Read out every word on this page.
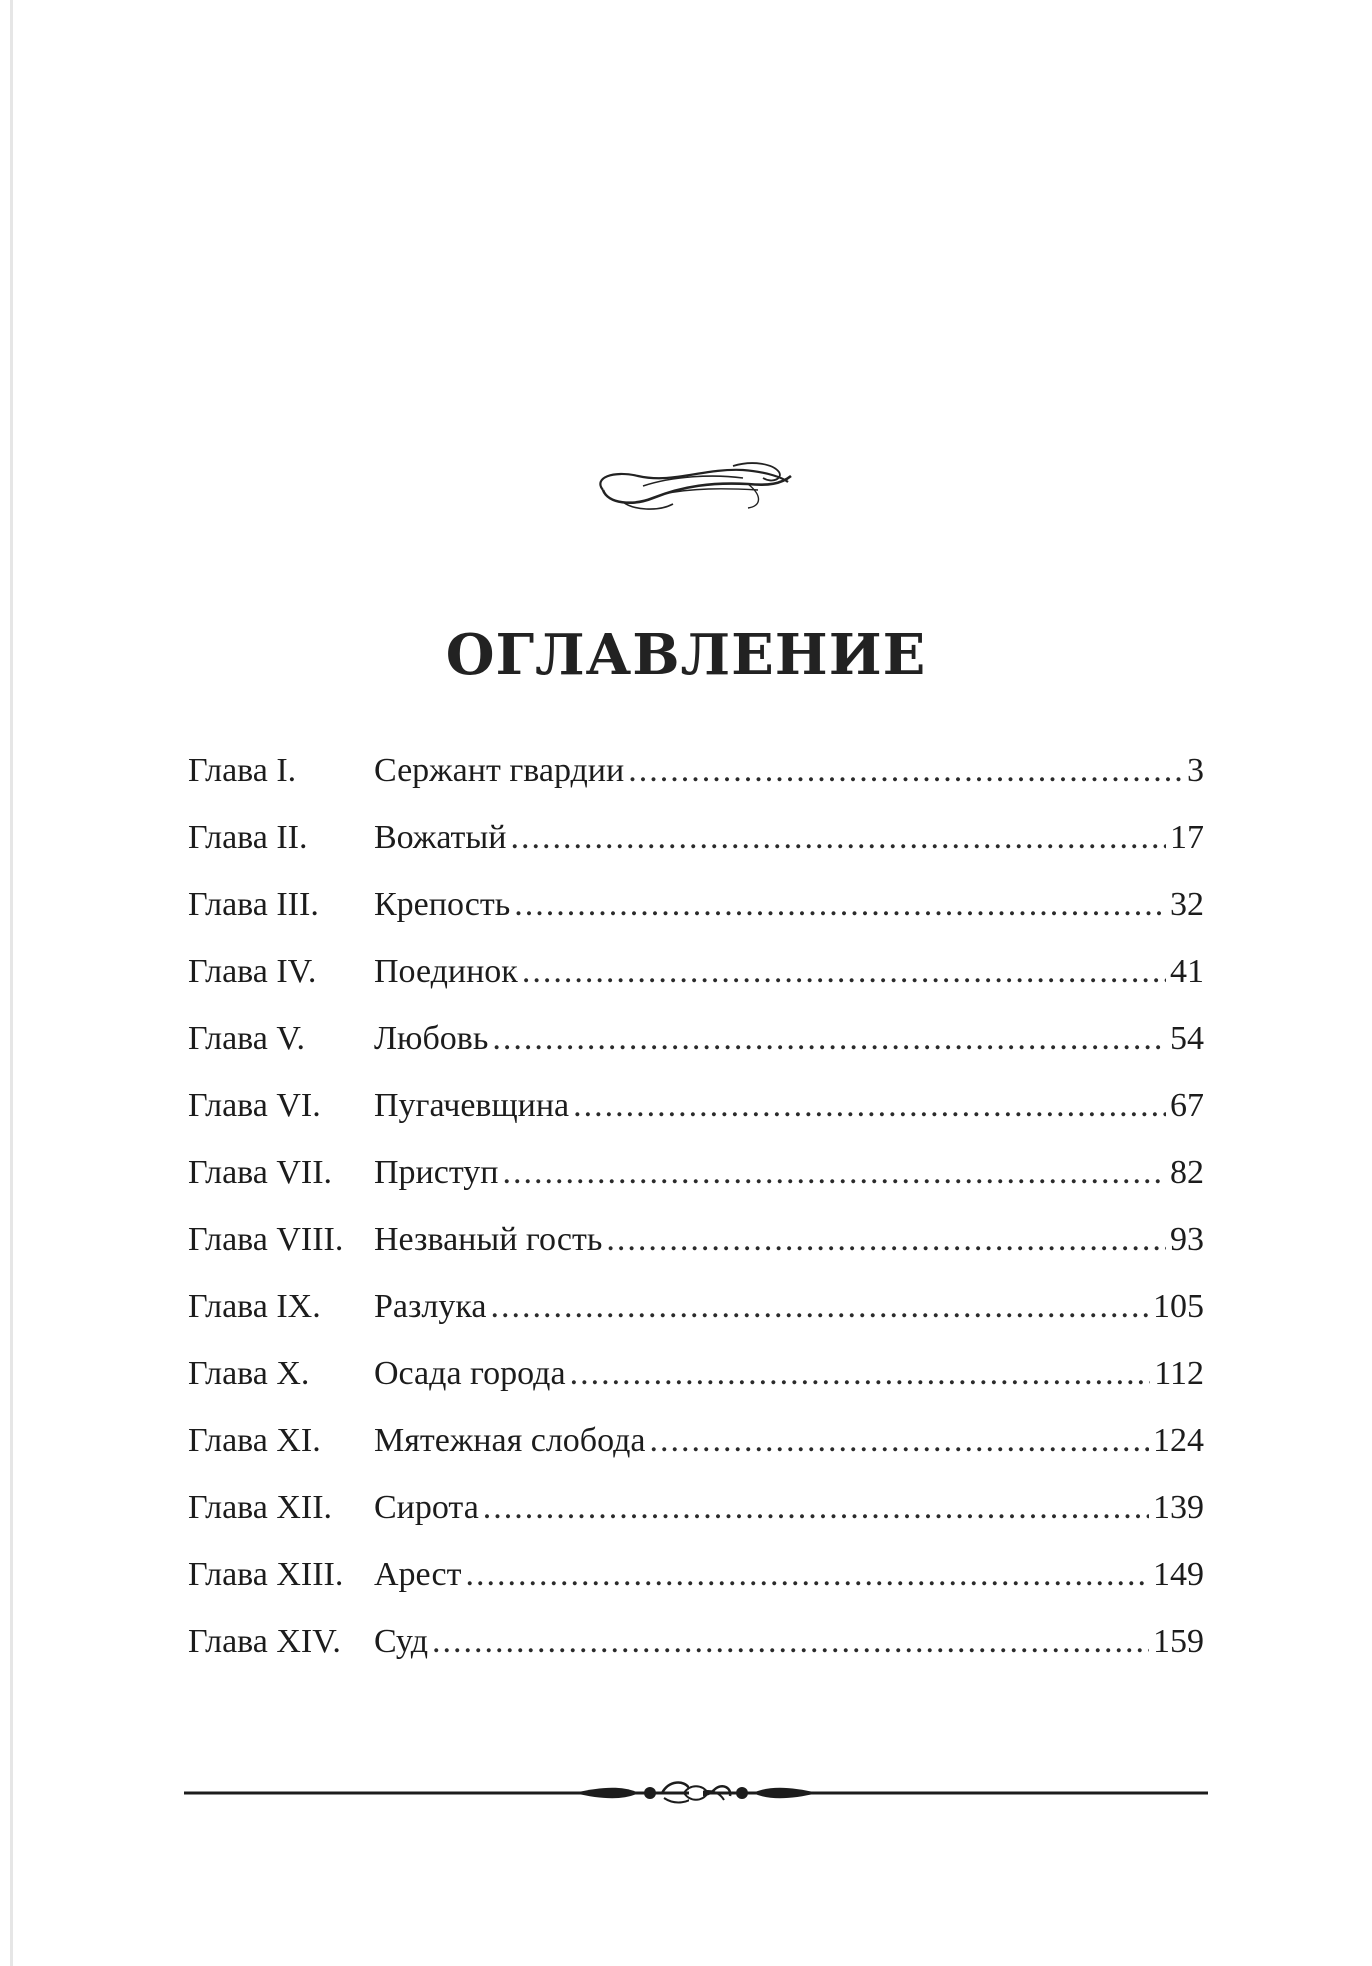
ОГЛАВЛЕНИЕ
Глава I.	Сержант гвардии .....	3
Глава II.	Вожатый .....	17
Глава III.	Крепость .....	32
Глава IV.	Поединок .....	41
Глава V.	Любовь .....	54
Глава VI.	Пугачевщина .....	67
Глава VII.	Приступ .....	82
Глава VIII. Незваный гость .....	93
Глава IX.	Разлука .....	105
Глава X.	Осада города .....	112
Глава XI.	Мятежная слобода .....	124
Глава XII.	Сирота .....	139
Глава XIII. Арест .....	149
Глава XIV. Суд .....	159
